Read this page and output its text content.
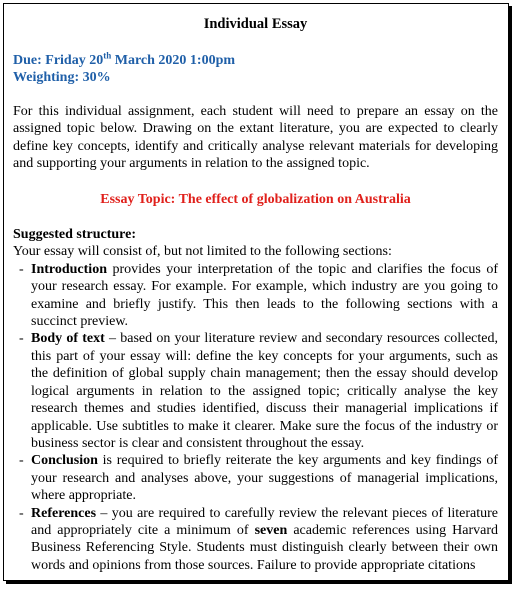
Individual Essay
Due: Friday 20th March 2020 1:00pm
Weighting: 30%
For this individual assignment, each student will need to prepare an essay on the assigned topic below. Drawing on the extant literature, you are expected to clearly define key concepts, identify and critically analyse relevant materials for developing and supporting your arguments in relation to the assigned topic.
Essay Topic: The effect of globalization on Australia
Suggested structure:
Your essay will consist of, but not limited to the following sections:
- Introduction provides your interpretation of the topic and clarifies the focus of your research essay. For example. For example, which industry are you going to examine and briefly justify. This then leads to the following sections with a succinct preview.
- Body of text – based on your literature review and secondary resources collected, this part of your essay will: define the key concepts for your arguments, such as the definition of global supply chain management; then the essay should develop logical arguments in relation to the assigned topic; critically analyse the key research themes and studies identified, discuss their managerial implications if applicable. Use subtitles to make it clearer. Make sure the focus of the industry or business sector is clear and consistent throughout the essay.
- Conclusion is required to briefly reiterate the key arguments and key findings of your research and analyses above, your suggestions of managerial implications, where appropriate.
- References – you are required to carefully review the relevant pieces of literature and appropriately cite a minimum of seven academic references using Harvard Business Referencing Style. Students must distinguish clearly between their own words and opinions from those sources. Failure to provide appropriate citations
